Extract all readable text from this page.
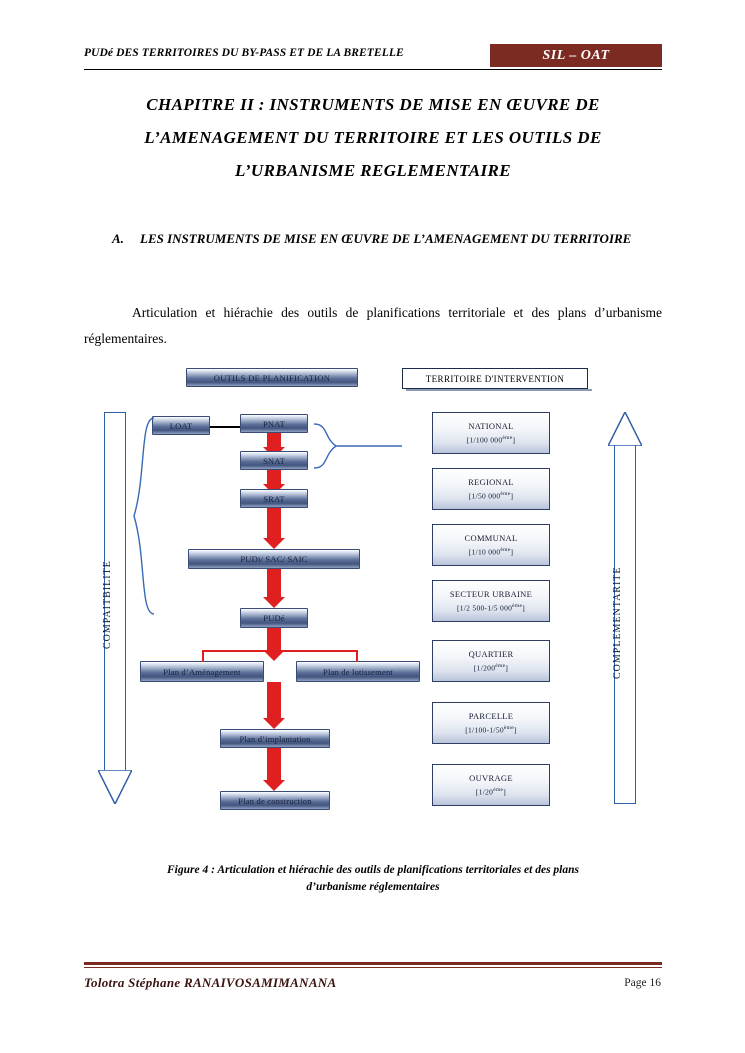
PUDé DES TERRITOIRES DU BY-PASS ET DE LA BRETELLE	SIL – OAT
CHAPITRE II : INSTRUMENTS DE MISE EN ŒUVRE DE
L’AMENAGEMENT DU TERRITOIRE ET LES OUTILS DE
L’URBANISME REGLEMENTAIRE
A. LES INSTRUMENTS DE MISE EN ŒUVRE DE L’AMENAGEMENT DU TERRITOIRE
Articulation et hiérachie des outils de planifications territoriale et des plans d’urbanisme réglementaires.
OUTILS DE PLANIFICATION	TERRITOIRE D'INTERVENTION
COMPAITBILITE	COMPLEMENTARITE
LOAT	PNAT
SNAT
SRAT
PUDi/ SAC/ SAIC
PUDé
Plan d’Aménagement	Plan de lotissement
Plan d’implantation
Plan de construction
NATIONAL
[1/100 000ème]
REGIONAL
[1/50 000ème]
COMMUNAL
[1/10 000ème]
SECTEUR URBAINE
[1/2 500-1/5 000ème]
QUARTIER
[1/200ème]
PARCELLE
[1/100-1/50ème]
OUVRAGE
[1/20ème]
Figure 4 : Articulation et hiérachie des outils de planifications territoriales et des plans
d’urbanisme réglementaires
Tolotra Stéphane RANAIVOSAMIMANANA	Page 16
